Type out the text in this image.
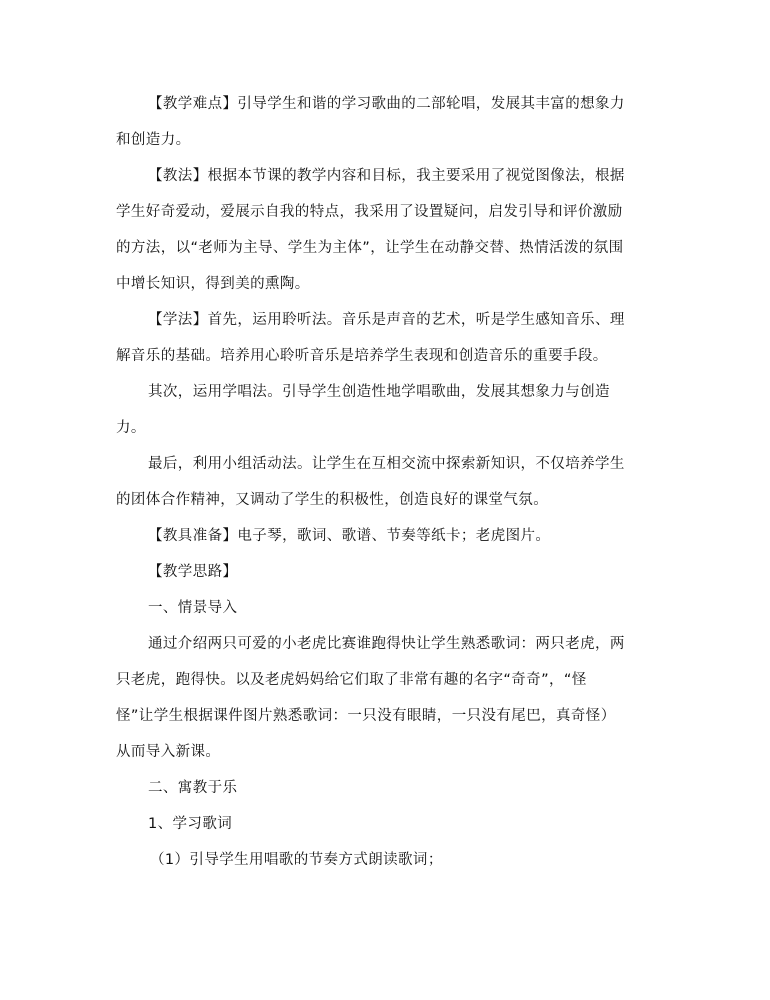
【教学难点】引导学生和谐的学习歌曲的二部轮唱，发展其丰富的想象力
和创造力。
【教法】根据本节课的教学内容和目标，我主要采用了视觉图像法，根据
学生好奇爱动，爱展示自我的特点，我采用了设置疑问，启发引导和评价激励
的方法，以“老师为主导、学生为主体”，让学生在动静交替、热情活泼的氛围
中增长知识，得到美的熏陶。
【学法】首先，运用聆听法。音乐是声音的艺术，听是学生感知音乐、理
解音乐的基础。培养用心聆听音乐是培养学生表现和创造音乐的重要手段。
其次，运用学唱法。引导学生创造性地学唱歌曲，发展其想象力与创造
力。
最后，利用小组活动法。让学生在互相交流中探索新知识，不仅培养学生
的团体合作精神，又调动了学生的积极性，创造良好的课堂气氛。
【教具准备】电子琴，歌词、歌谱、节奏等纸卡；老虎图片。
【教学思路】
一、情景导入
通过介绍两只可爱的小老虎比赛谁跑得快让学生熟悉歌词：两只老虎，两
只老虎，跑得快。以及老虎妈妈给它们取了非常有趣的名字“奇奇”，“怪
怪”让学生根据课件图片熟悉歌词：一只没有眼睛，一只没有尾巴，真奇怪）
从而导入新课。
二、寓教于乐
1、学习歌词
（1）引导学生用唱歌的节奏方式朗读歌词；
